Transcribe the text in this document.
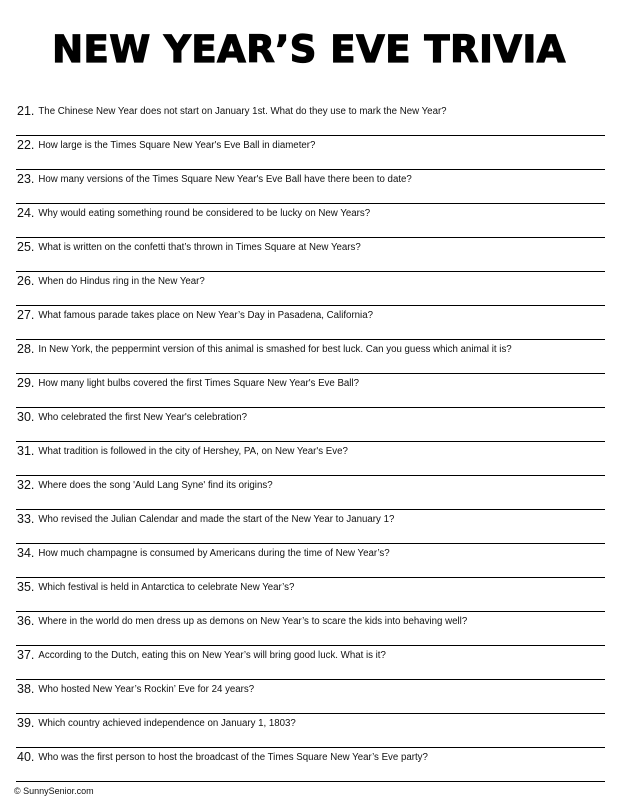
NEW YEAR’S EVE TRIVIA
21. The Chinese New Year does not start on January 1st. What do they use to mark the New Year?
22. How large is the Times Square New Year's Eve Ball in diameter?
23. How many versions of the Times Square New Year's Eve Ball have there been to date?
24. Why would eating something round be considered to be lucky on New Years?
25. What is written on the confetti that’s thrown in Times Square at New Years?
26. When do Hindus ring in the New Year?
27. What famous parade takes place on New Year’s Day in Pasadena, California?
28. In New York, the peppermint version of this animal is smashed for best luck. Can you guess which animal it is?
29. How many light bulbs covered the first Times Square New Year's Eve Ball?
30. Who celebrated the first New Year's celebration?
31. What tradition is followed in the city of Hershey, PA, on New Year's Eve?
32. Where does the song 'Auld Lang Syne' find its origins?
33. Who revised the Julian Calendar and made the start of the New Year to January 1?
34. How much champagne is consumed by Americans during the time of New Year’s?
35. Which festival is held in Antarctica to celebrate New Year’s?
36. Where in the world do men dress up as demons on New Year’s to scare the kids into behaving well?
37. According to the Dutch, eating this on New Year’s will bring good luck. What is it?
38. Who hosted New Year’s Rockin’ Eve for 24 years?
39. Which country achieved independence on January 1, 1803?
40. Who was the first person to host the broadcast of the Times Square New Year’s Eve party?
© SunnySenior.com
